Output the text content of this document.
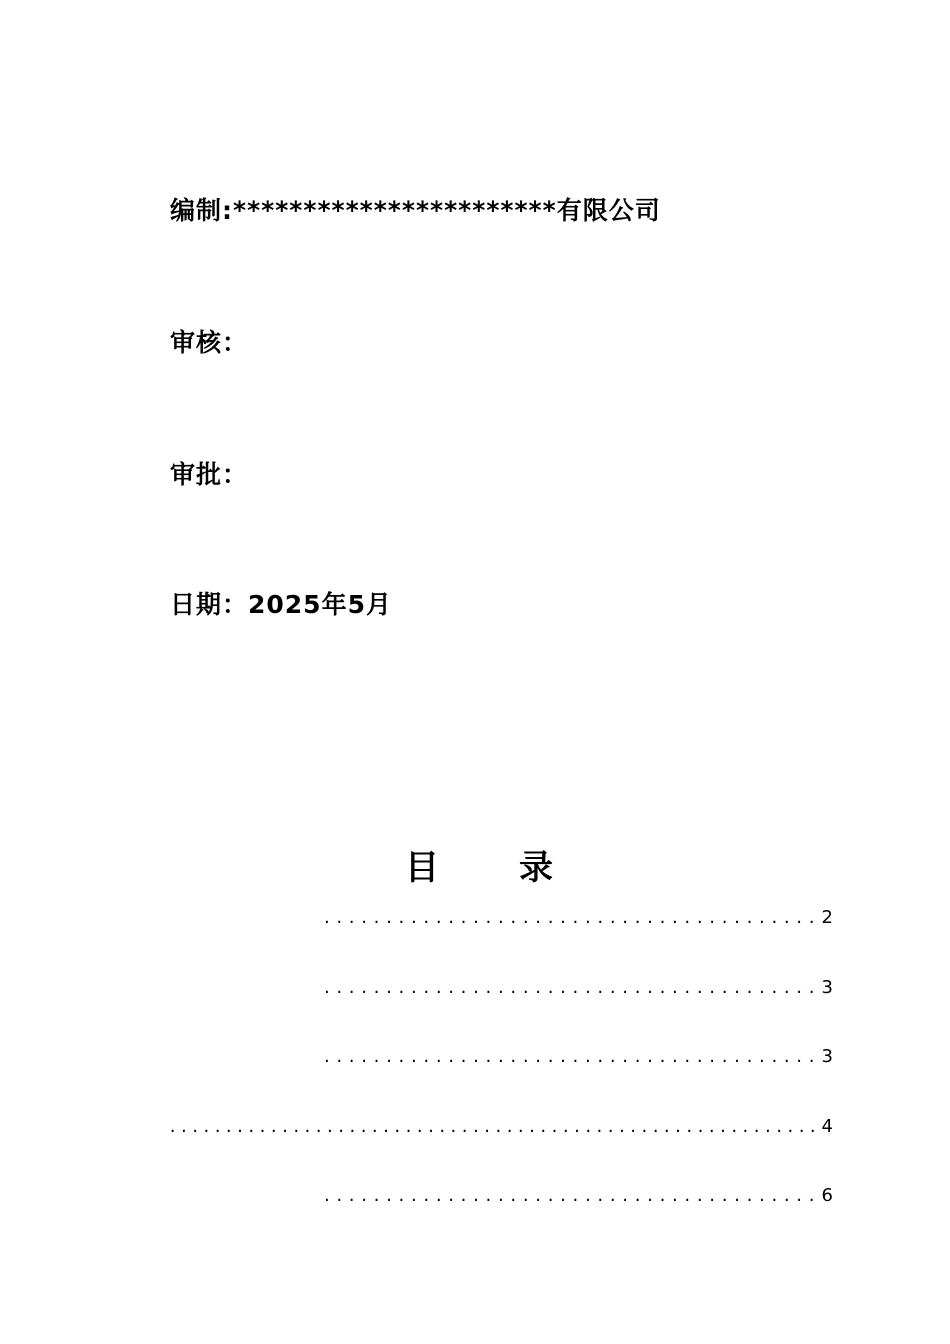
编制:***********************有限公司
审核：
审批：
日期：2025年5月
目 录
........................................ 2
........................................ 3
........................................ 3
.......................................................... 4
........................................ 6
